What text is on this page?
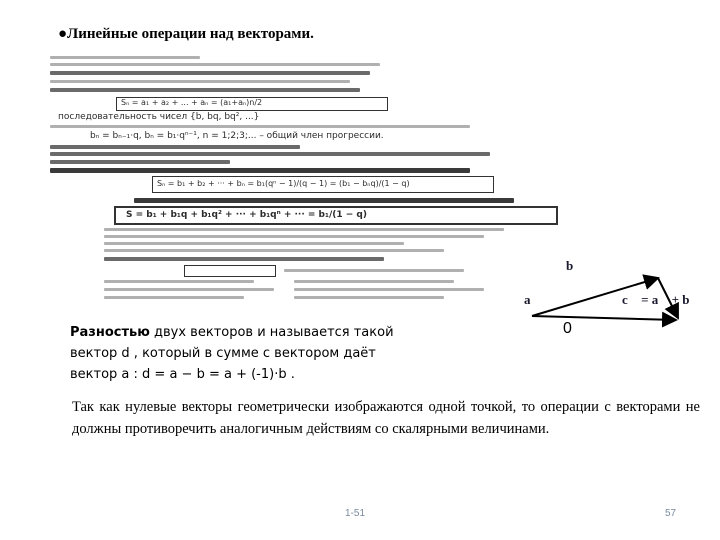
●Линейные операции над векторами.
Sₙ = a₁ + a₂ + ... + aₙ = (a₁+aₙ)n/2
последовательность чисел {b, bq, bq², ...}
bₙ = bₙ₋₁·q, bₙ = b₁·qⁿ⁻¹, n = 1;2;3;... – общий член прогрессии.
Sₙ = b₁ + b₂ + ··· + bₙ = b₁(qⁿ − 1)/(q − 1) = (b₁ − bₙq)/(1 − q)
S = b₁ + b₁q + b₁q² + ··· + b₁qⁿ + ··· = b₁/(1 − q)
b⃗
a⃗	c⃗ = a⃗ + b⃗
0
Разностью двух векторов и называется такой
вектор d , который в сумме с вектором даёт
вектор a : d = a − b = a + (-1)·b .
Так как нулевые векторы геометрически изображаются одной точкой, то операции с векторами не должны противоречить аналогичным действиям со скалярными величинами.
1-51	57
